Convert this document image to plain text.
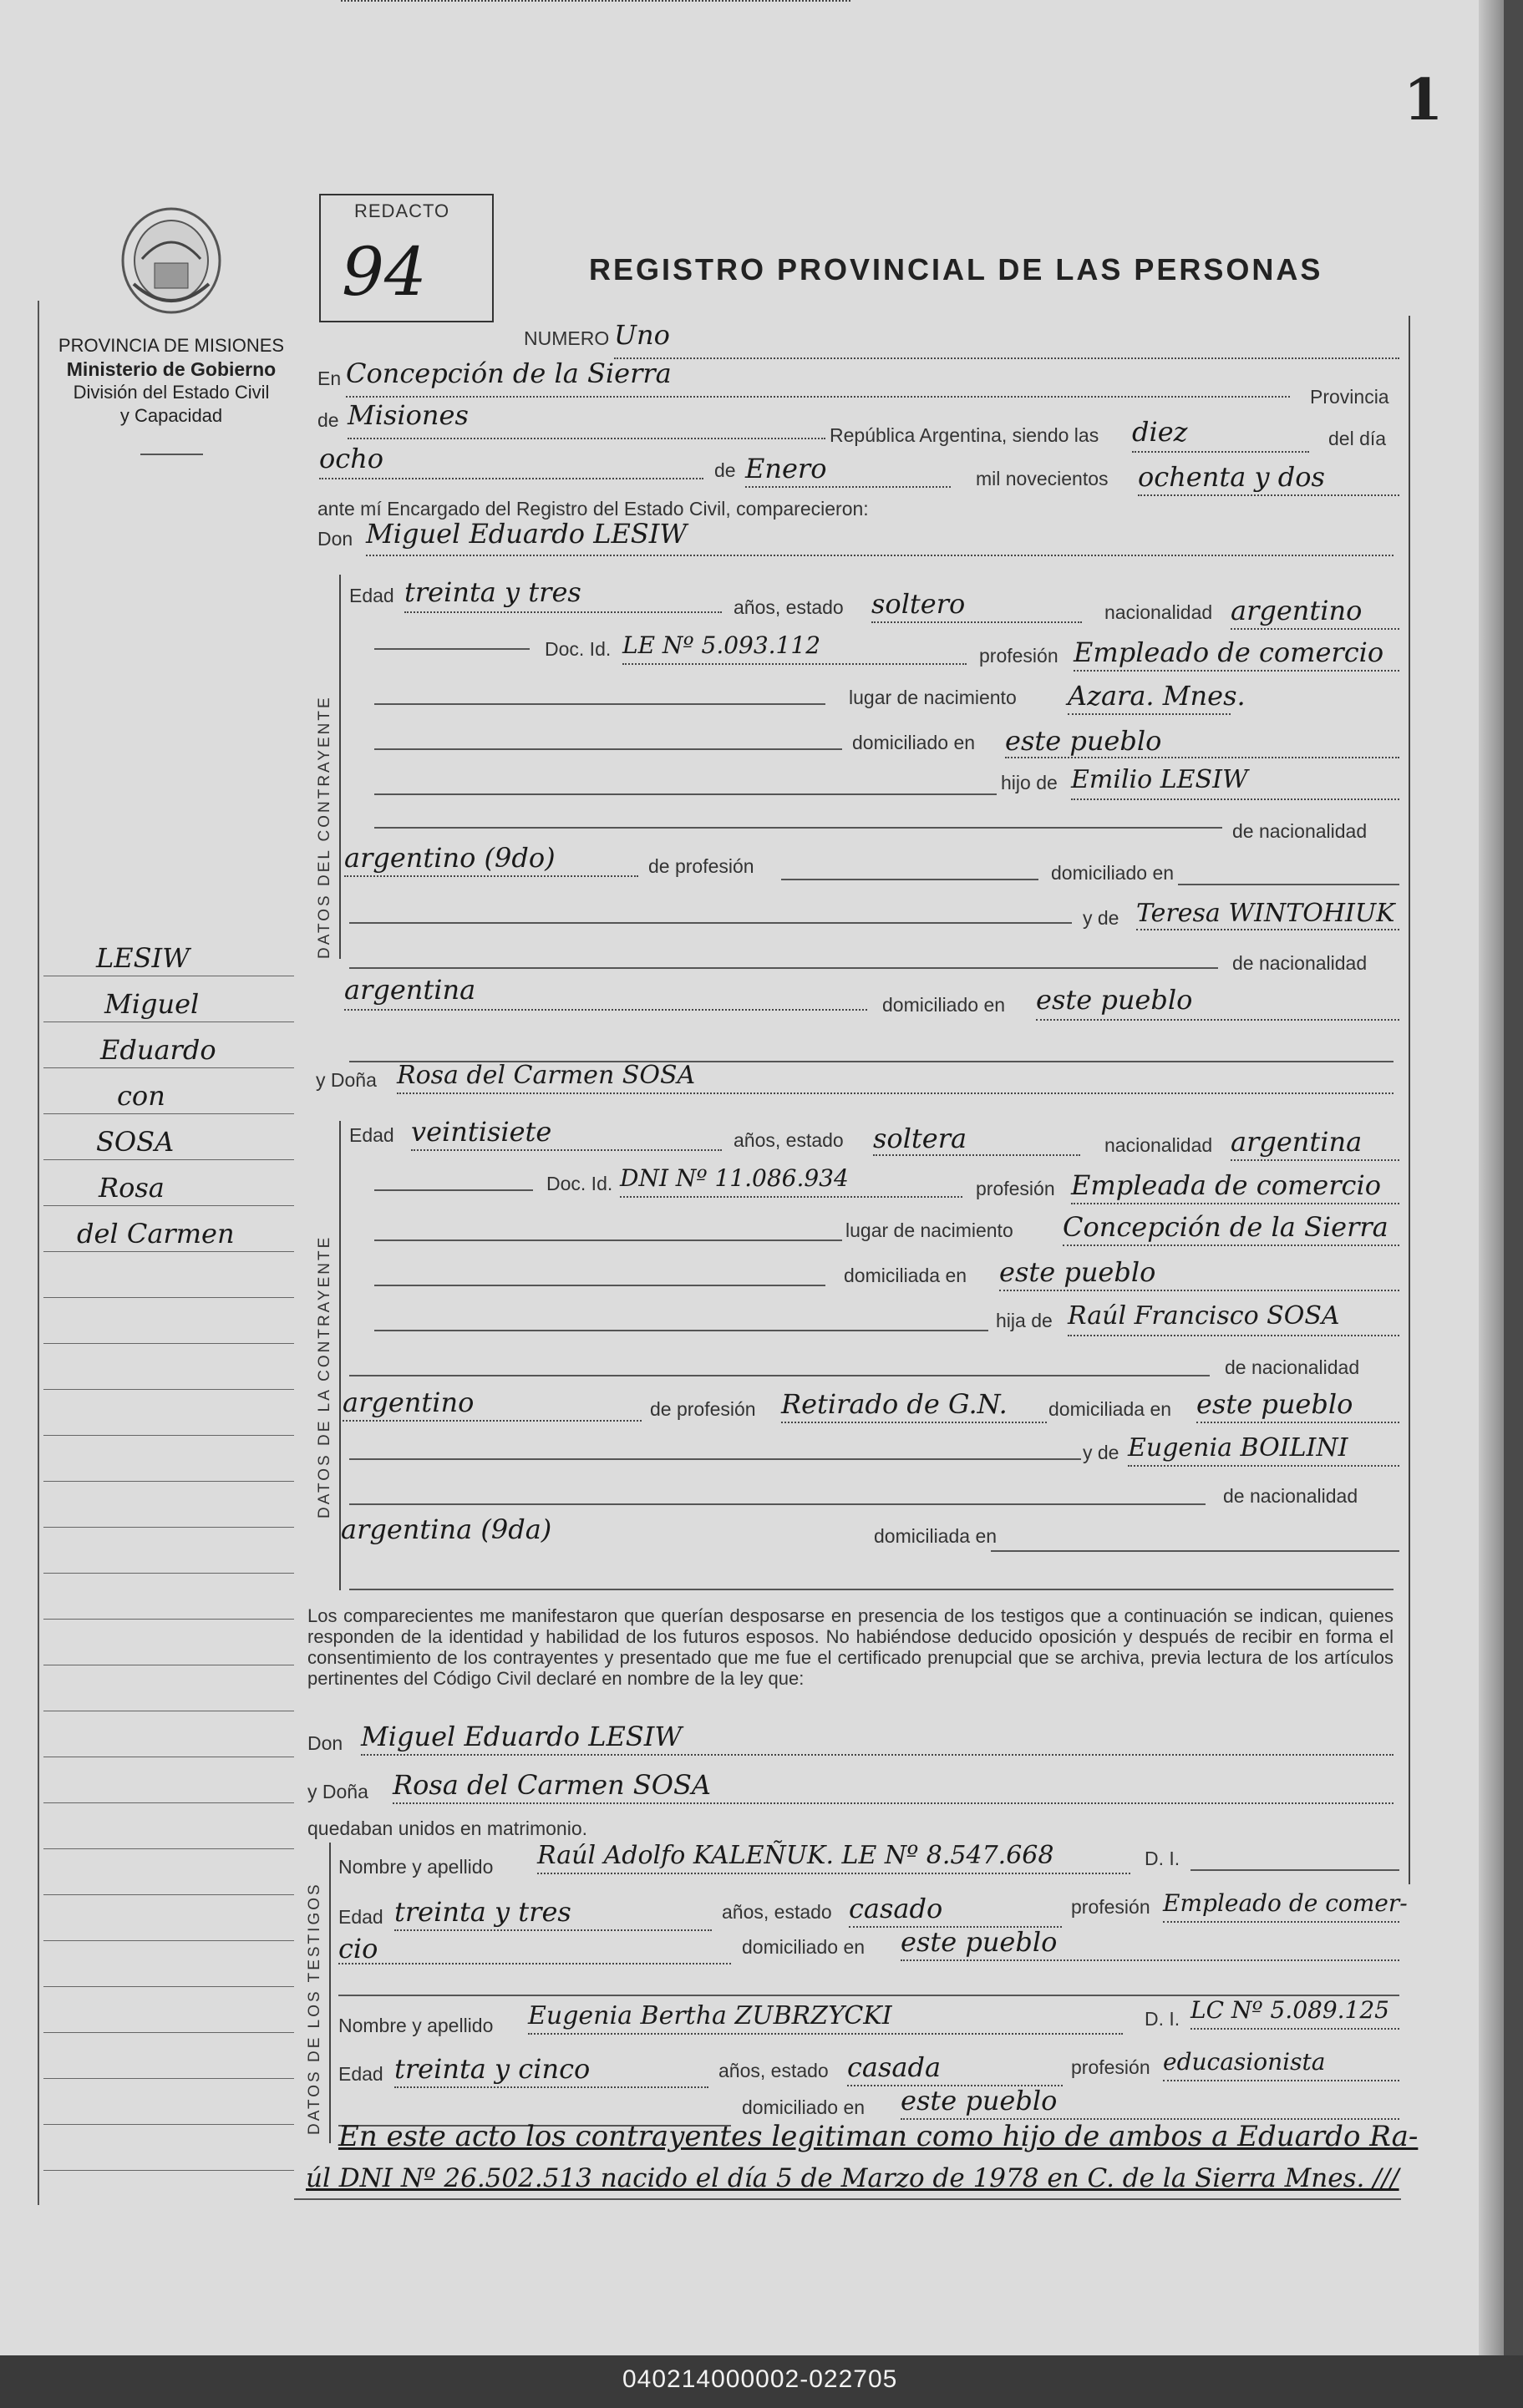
1
PROVINCIA DE MISIONES
Ministerio de Gobierno
División del Estado Civil
y Capacidad
REDACTO
94	REGISTRO PROVINCIAL DE LAS PERSONAS
LESIW
Miguel
Eduardo
con
SOSA
Rosa
del Carmen
NUMERO Uno
En Concepción de la Sierra
Provincia
de Misiones
República Argentina, siendo las diez	del día
ocho	de Enero	mil novecientos ochenta y dos
ante mí Encargado del Registro del Estado Civil, comparecieron:
Don Miguel Eduardo LESIW
DATOS DEL CONTRAYENTE
Edad treinta y tres	años, estado soltero	nacionalidad argentino
Doc. Id. LE Nº 5.093.112	profesión Empleado de comercio
lugar de nacimiento Azara. Mnes.
domiciliado en este pueblo
hijo de Emilio LESIW
de nacionalidad
argentino (9do)	de profesión	domiciliado en
y de Teresa WINTOHIUK
de nacionalidad
argentina	domiciliado en este pueblo
y Doña Rosa del Carmen SOSA
DATOS DE LA CONTRAYENTE
Edad veintisiete	años, estado soltera	nacionalidad argentina
Doc. Id. DNI Nº 11.086.934	profesión Empleada de comercio
lugar de nacimiento Concepción de la Sierra
domiciliada en este pueblo
hija de Raúl Francisco SOSA
de nacionalidad
argentino	de profesión Retirado de G.N. domiciliada en este pueblo
y de Eugenia BOILINI
de nacionalidad
argentina (9da)	domiciliada en
Los comparecientes me manifestaron que querían desposarse en presencia de los testigos que a continuación se indican, quienes responden de la identidad y habilidad de los futuros esposos. No habiéndose deducido oposición y después de recibir en forma el consentimiento de los contrayentes y presentado que me fue el certificado prenupcial que se archiva, previa lectura de los artículos pertinentes del Código Civil declaré en nombre de la ley que:
Don Miguel Eduardo LESIW
y Doña Rosa del Carmen SOSA
quedaban unidos en matrimonio.
DATOS DE LOS TESTIGOS
Nombre y apellido Raúl Adolfo KALEÑUK. LE Nº 8.547.668	D. I.
Edad treinta y tres	años, estado casado	profesión Empleado de comer-
cio	domiciliado en este pueblo
Nombre y apellido Eugenia Bertha ZUBRZYCKI	D. I. LC Nº 5.089.125
Edad treinta y cinco	años, estado casada	profesión educasionista
domiciliado en este pueblo
En este acto los contrayentes legitiman como hijo de ambos a Eduardo Ra-
úl DNI Nº 26.502.513 nacido el día 5 de Marzo de 1978 en C. de la Sierra Mnes. ///
040214000002-022705
